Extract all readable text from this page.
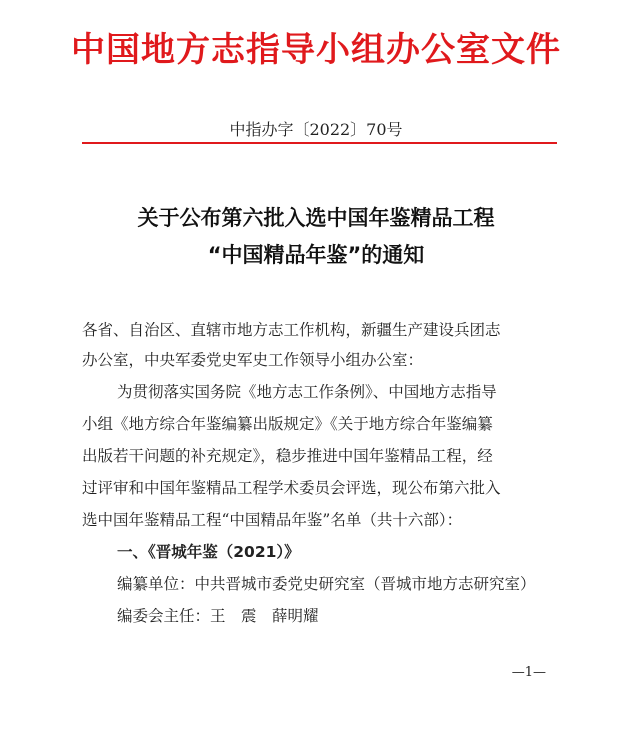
中国地方志指导小组办公室文件
中指办字〔2022〕70号
关于公布第六批入选中国年鉴精品工程
“中国精品年鉴”的通知
各省、自治区、直辖市地方志工作机构，新疆生产建设兵团志
办公室，中央军委党史军史工作领导小组办公室：
为贯彻落实国务院《地方志工作条例》、中国地方志指导
小组《地方综合年鉴编纂出版规定》《关于地方综合年鉴编纂
出版若干问题的补充规定》，稳步推进中国年鉴精品工程，经
过评审和中国年鉴精品工程学术委员会评选，现公布第六批入
选中国年鉴精品工程“中国精品年鉴”名单（共十六部）：
一、《晋城年鉴（2021）》
编纂单位：中共晋城市委党史研究室（晋城市地方志研究室）
编委会主任：王　震　薛明耀
—1—
